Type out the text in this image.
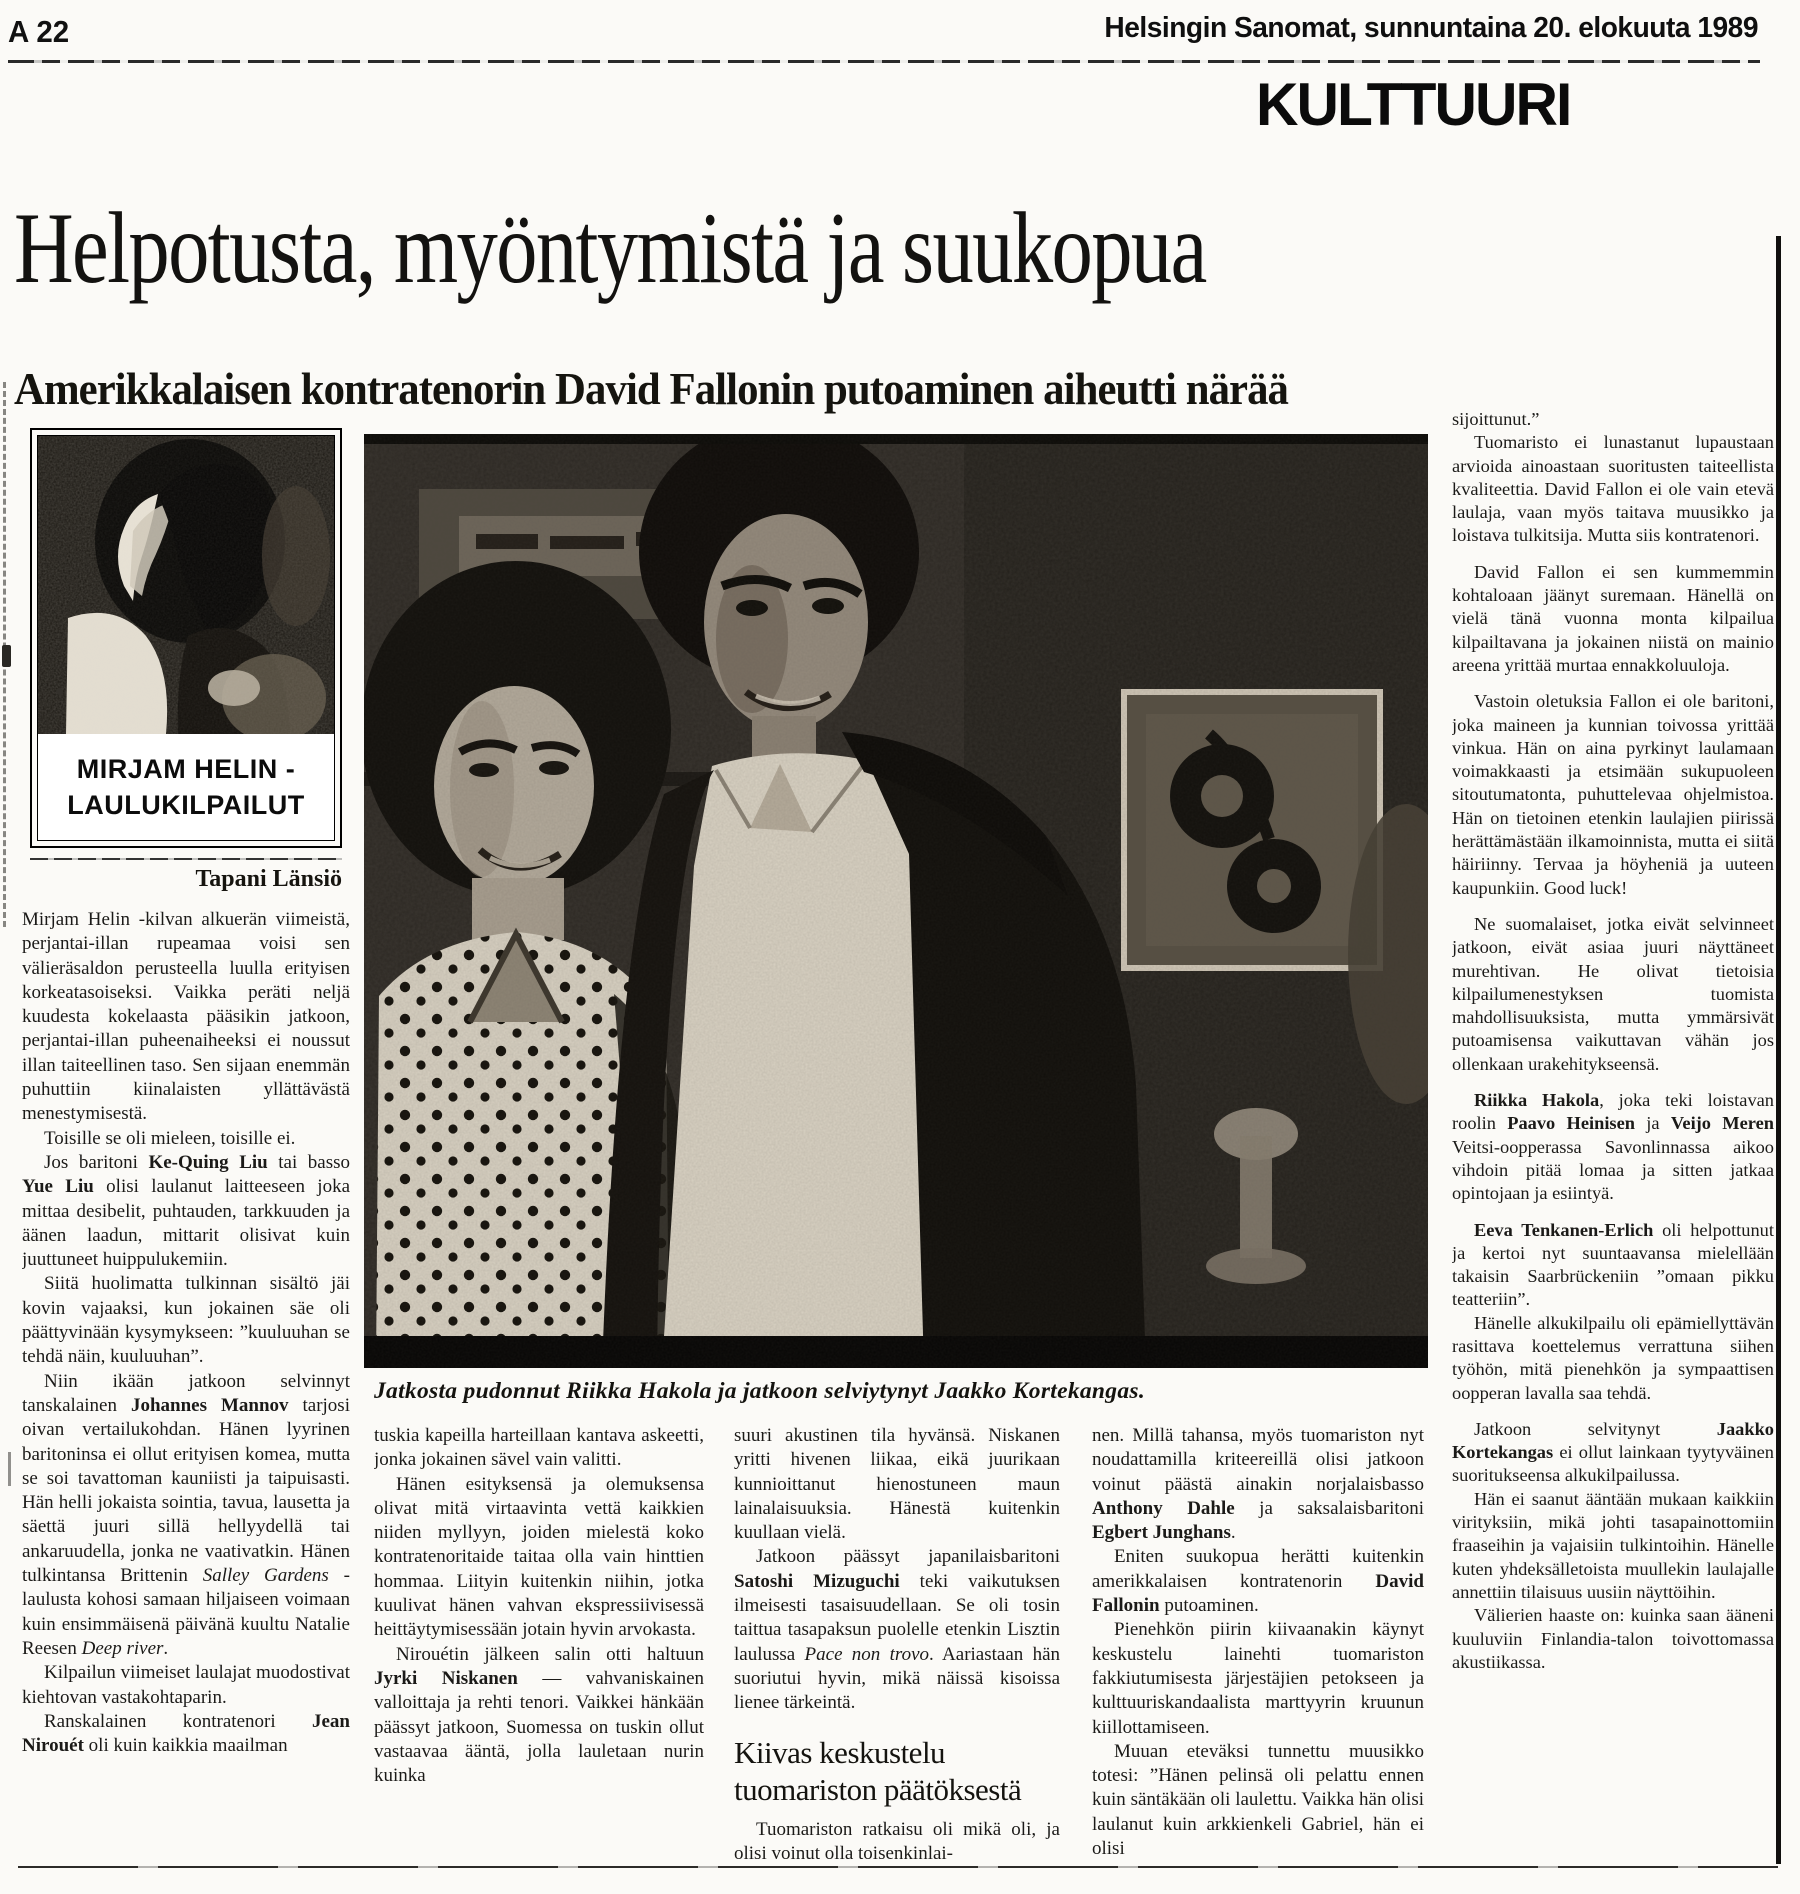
A 22	Helsingin Sanomat, sunnuntaina 20. elokuuta 1989
KULTTUURI
Helpotusta, myöntymistä ja suukopua
Amerikkalaisen kontratenorin David Fallonin putoaminen aiheutti närää
MIRJAM HELIN -
LAULUKILPAILUT
Tapani Länsiö
Jatkosta pudonnut Riikka Hakola ja jatkoon selviytynyt Jaakko Kortekangas.

Mirjam Helin -kilvan alkuerän viimeistä, perjantai-illan rupeamaa voisi sen välieräsaldon perusteella luulla erityisen korkeatasoiseksi. Vaikka peräti neljä kuudesta kokelaasta pääsikin jatkoon, perjantai-illan puheenaiheeksi ei noussut illan taiteellinen taso. Sen sijaan enemmän puhuttiin kiinalaisten yllättävästä menestymisestä.

Toisille se oli mieleen, toisille ei.

Jos baritoni Ke-Quing Liu tai basso Yue Liu olisi laulanut laitteeseen joka mittaa desibelit, puhtauden, tarkkuuden ja äänen laadun, mittarit olisivat kuin juuttuneet huippulukemiin.

Siitä huolimatta tulkinnan sisältö jäi kovin vajaaksi, kun jokainen säe oli päättyvinään kysymykseen: ”kuuluuhan se tehdä näin, kuuluuhan”.

Niin ikään jatkoon selvinnyt tanskalainen Johannes Mannov tarjosi oivan vertailukohdan. Hänen lyyrinen baritoninsa ei ollut erityisen komea, mutta se soi tavattoman kauniisti ja taipuisasti. Hän helli jokaista sointia, tavua, lausetta ja säettä juuri sillä hellyydellä tai ankaruudella, jonka ne vaativatkin. Hänen tulkintansa Brittenin Salley Gardens -laulusta kohosi samaan hiljaiseen voimaan kuin ensimmäisenä päivänä kuultu Natalie Reesen Deep river.

Kilpailun viimeiset laulajat muodostivat kiehtovan vastakohtaparin.

Ranskalainen kontratenori Jean Nirouét oli kuin kaikkia maailman

tuskia kapeilla harteillaan kantava askeetti, jonka jokainen sävel vain valitti.

Hänen esityksensä ja olemuksensa olivat mitä virtaavinta vettä kaikkien niiden myllyyn, joiden mielestä koko kontratenoritaide taitaa olla vain hinttien hommaa. Liityin kuitenkin niihin, jotka kuulivat hänen vahvan ekspressiivisessä heittäytymisessään jotain hyvin arvokasta.

Nirouétin jälkeen salin otti haltuun Jyrki Niskanen — vahvaniskainen valloittaja ja rehti tenori. Vaikkei hänkään päässyt jatkoon, Suomessa on tuskin ollut vastaavaa ääntä, jolla lauletaan nurin kuinka

suuri akustinen tila hyvänsä. Niskanen yritti hivenen liikaa, eikä juurikaan kunnioittanut hienostuneen maun lainalaisuuksia. Hänestä kuitenkin kuullaan vielä.

Jatkoon päässyt japanilaisbaritoni Satoshi Mizuguchi teki vaikutuksen ilmeisesti tasaisuudellaan. Se oli tosin taittua tasapaksun puolelle etenkin Lisztin laulussa Pace non trovo. Aariastaan hän suoriutui hyvin, mikä näissä kisoissa lienee tärkeintä.

Kiivas keskustelu tuomariston päätöksestä

Tuomariston ratkaisu oli mikä oli, ja olisi voinut olla toisenkinlai-

nen. Millä tahansa, myös tuomariston nyt noudattamilla kriteereillä olisi jatkoon voinut päästä ainakin norjalaisbasso Anthony Dahle ja saksalaisbaritoni Egbert Junghans.

Eniten suukopua herätti kuitenkin amerikkalaisen kontratenorin David Fallonin putoaminen.

Pienehkön piirin kiivaanakin käynyt keskustelu lainehti tuomariston fakkiutumisesta järjestäjien petokseen ja kulttuuriskandaalista marttyyrin kruunun kiillottamiseen.

Muuan eteväksi tunnettu muusikko totesi: ”Hänen pelinsä oli pelattu ennen kuin säntäkään oli laulettu. Vaikka hän olisi laulanut kuin arkkienkeli Gabriel, hän ei olisi

sijoittunut.”

Tuomaristo ei lunastanut lupaustaan arvioida ainoastaan suoritusten taiteellista kvaliteettia. David Fallon ei ole vain etevä laulaja, vaan myös taitava muusikko ja loistava tulkitsija. Mutta siis kontratenori.

David Fallon ei sen kummemmin kohtaloaan jäänyt suremaan. Hänellä on vielä tänä vuonna monta kilpailua kilpailtavana ja jokainen niistä on mainio areena yrittää murtaa ennakkoluuloja.

Vastoin oletuksia Fallon ei ole baritoni, joka maineen ja kunnian toivossa yrittää vinkua. Hän on aina pyrkinyt laulamaan voimakkaasti ja etsimään sukupuoleen sitoutumatonta, puhuttelevaa ohjelmistoa. Hän on tietoinen etenkin laulajien piirissä herättämästään ilkamoinnista, mutta ei siitä häiriinny. Tervaa ja höyheniä ja uuteen kaupunkiin. Good luck!

Ne suomalaiset, jotka eivät selvinneet jatkoon, eivät asiaa juuri näyttäneet murehtivan. He olivat tietoisia kilpailumenestyksen tuomista mahdollisuuksista, mutta ymmärsivät putoamisensa vaikuttavan vähän jos ollenkaan urakehitykseensä.

Riikka Hakola, joka teki loistavan roolin Paavo Heinisen ja Veijo Meren Veitsi-oopperassa Savonlinnassa aikoo vihdoin pitää lomaa ja sitten jatkaa opintojaan ja esiintyä.

Eeva Tenkanen-Erlich oli helpottunut ja kertoi nyt suuntaavansa mielellään takaisin Saarbrückeniin ”omaan pikku teatteriin”.

Hänelle alkukilpailu oli epämiellyttävän rasittava koettelemus verrattuna siihen työhön, mitä pienehkön ja sympaattisen oopperan lavalla saa tehdä.

Jatkoon selvitynyt Jaakko Kortekangas ei ollut lainkaan tyytyväinen suoritukseensa alkukilpailussa.

Hän ei saanut ääntään mukaan kaikkiin virityksiin, mikä johti tasapainottomiin fraaseihin ja vajaisiin tulkintoihin. Hänelle kuten yhdeksälletoista muullekin laulajalle annettiin tilaisuus uusiin näyttöihin.

Välierien haaste on: kuinka saan ääneni kuuluviin Finlandia-talon toivottomassa akustiikassa.
